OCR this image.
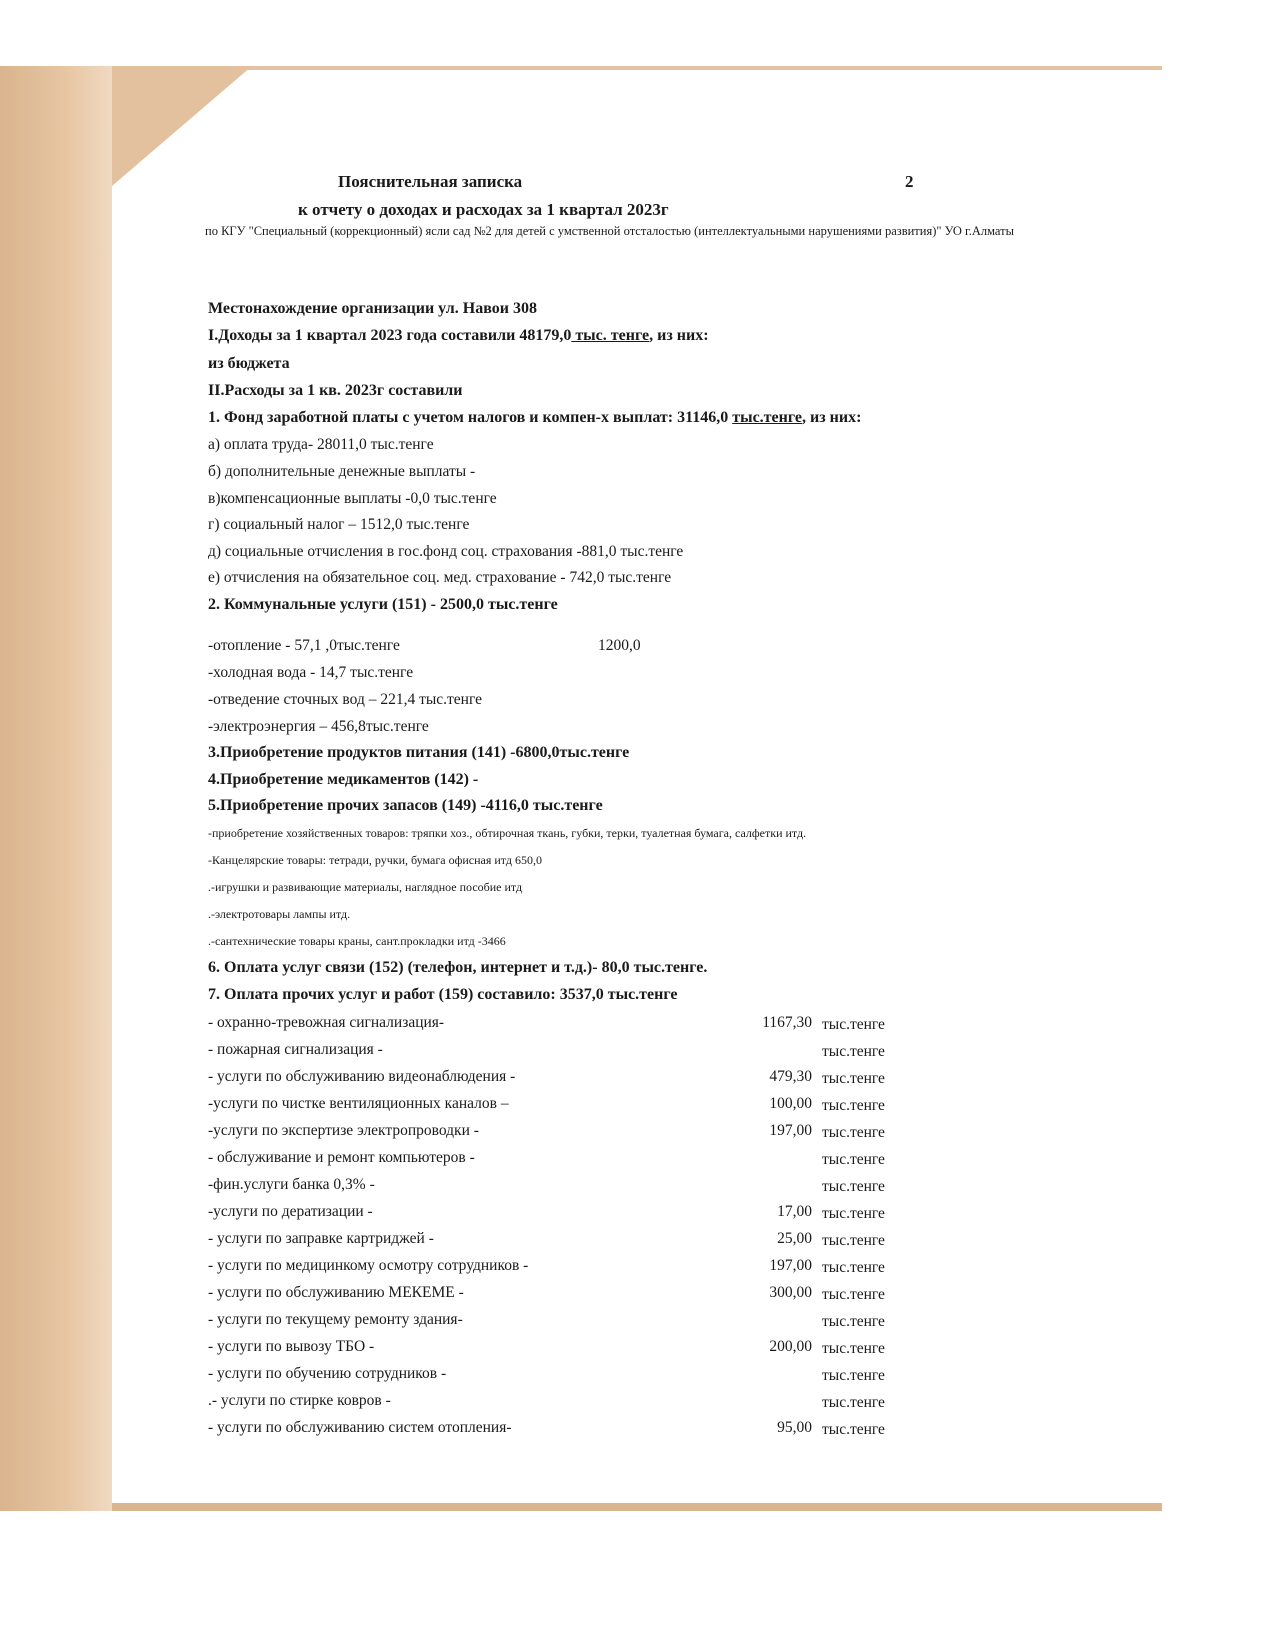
Пояснительная записка	2
к отчету о доходах и расходах за 1 квартал 2023г
по КГУ "Специальный (коррекционный) ясли сад №2 для детей с умственной отсталостью (интеллектуальными нарушениями развития)" УО г.Алматы
Местонахождение организации ул. Навои 308
I.Доходы за 1 квартал 2023 года составили 48179,0 тыс. тенге, из них:
из бюджета
II.Расходы за 1 кв. 2023г составили
1. Фонд заработной платы с учетом налогов и компен-х выплат: 31146,0 тыс.тенге, из них:
а) оплата труда- 28011,0 тыс.тенге
б) дополнительные денежные выплаты -
в)компенсационные выплаты -0,0 тыс.тенге
г) социальный налог – 1512,0 тыс.тенге
д) социальные отчисления в гос.фонд соц. страхования -881,0 тыс.тенге
е) отчисления на обязательное соц. мед. страхование - 742,0 тыс.тенге
2. Коммунальные услуги (151) - 2500,0 тыс.тенге
-отопление - 57,1 ,0тыс.тенге	1200,0
-холодная вода - 14,7 тыс.тенге
-отведение сточных вод – 221,4 тыс.тенге
-электроэнергия – 456,8тыс.тенге
3.Приобретение продуктов питания (141) -6800,0тыс.тенге
4.Приобретение медикаментов (142) -
5.Приобретение прочих запасов (149) -4116,0 тыс.тенге
-приобретение хозяйственных товаров: тряпки хоз., обтирочная ткань, губки, терки, туалетная бумага, салфетки итд.
-Канцелярские товары: тетради, ручки, бумага офисная итд 650,0
.-игрушки и развивающие материалы, наглядное пособие итд
.-электротовары лампы итд.
.-сантехнические товары краны, сант.прокладки итд -3466
6. Оплата услуг связи (152) (телефон, интернет и т.д.)- 80,0 тыс.тенге.
7. Оплата прочих услуг и работ (159) составило: 3537,0 тыс.тенге
- охранно-тревожная сигнализация-	1167,30 тыс.тенге
- пожарная сигнализация -	тыс.тенге
- услуги по обслуживанию видеонаблюдения -	479,30 тыс.тенге
-услуги по чистке вентиляционных каналов –	100,00 тыс.тенге
-услуги по экспертизе электропроводки -	197,00 тыс.тенге
- обслуживание и ремонт компьютеров -	тыс.тенге
-фин.услуги банка 0,3% -	тыс.тенге
-услуги по дератизации -	17,00 тыс.тенге
- услуги по заправке картриджей -	25,00 тыс.тенге
- услуги по медицинкому осмотру сотрудников -	197,00 тыс.тенге
- услуги по обслуживанию МЕКЕМЕ -	300,00 тыс.тенге
- услуги по текущему ремонту здания-	тыс.тенге
- услуги по вывозу ТБО -	200,00 тыс.тенге
- услуги по обучению сотрудников -	тыс.тенге
.- услуги по стирке ковров -	тыс.тенге
- услуги по обслуживанию систем отопления-	95,00 тыс.тенге
